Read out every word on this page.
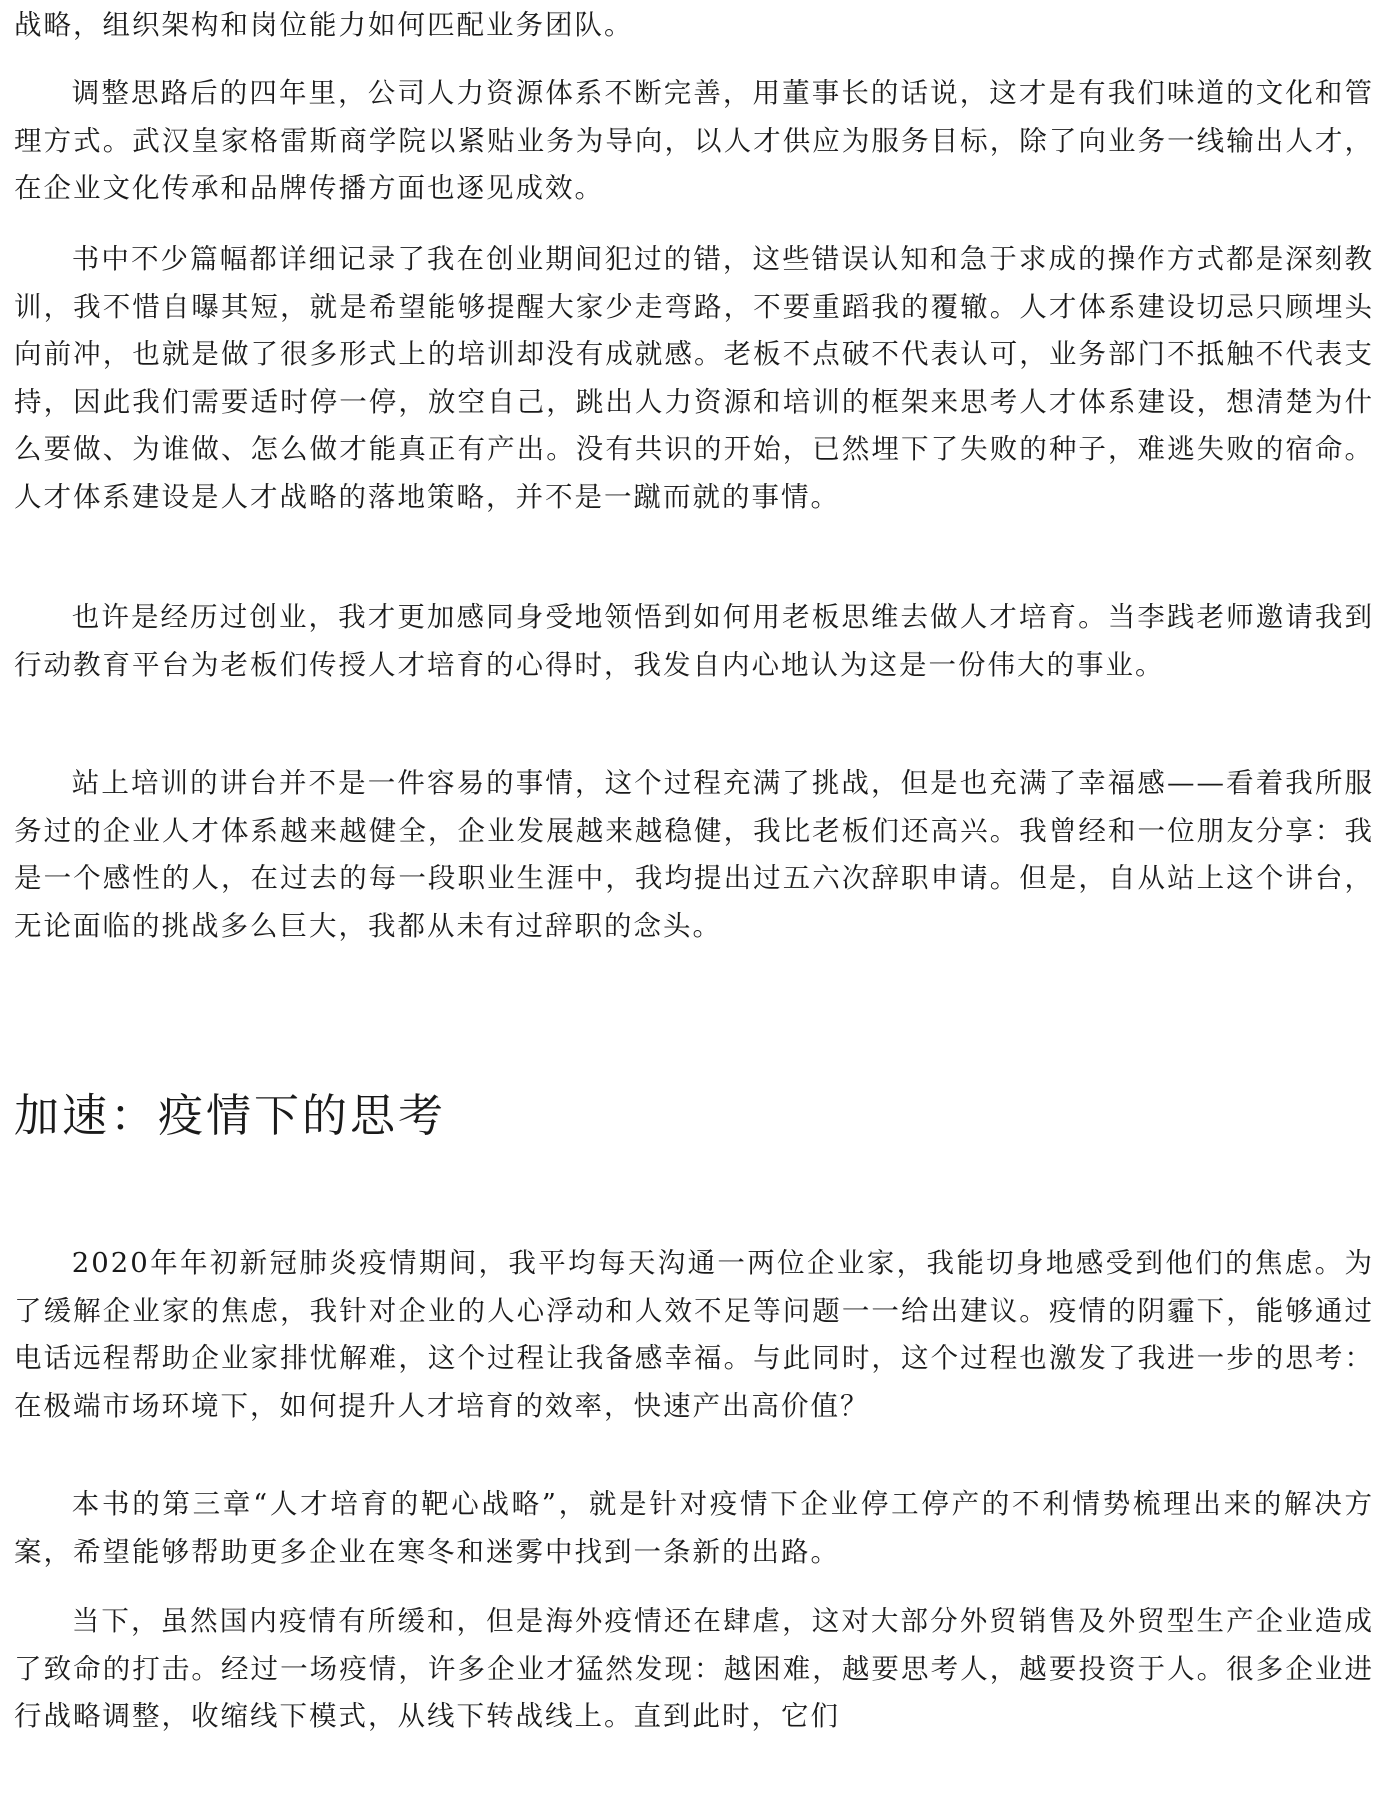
战略，组织架构和岗位能力如何匹配业务团队。

调整思路后的四年里，公司人力资源体系不断完善，用董事长的话说，这才是有我们味道的文化和管理方式。武汉皇家格雷斯商学院以紧贴业务为导向，以人才供应为服务目标，除了向业务一线输出人才，在企业文化传承和品牌传播方面也逐见成效。

书中不少篇幅都详细记录了我在创业期间犯过的错，这些错误认知和急于求成的操作方式都是深刻教训，我不惜自曝其短，就是希望能够提醒大家少走弯路，不要重蹈我的覆辙。人才体系建设切忌只顾埋头向前冲，也就是做了很多形式上的培训却没有成就感。老板不点破不代表认可，业务部门不抵触不代表支持，因此我们需要适时停一停，放空自己，跳出人力资源和培训的框架来思考人才体系建设，想清楚为什么要做、为谁做、怎么做才能真正有产出。没有共识的开始，已然埋下了失败的种子，难逃失败的宿命。人才体系建设是人才战略的落地策略，并不是一蹴而就的事情。

也许是经历过创业，我才更加感同身受地领悟到如何用老板思维去做人才培育。当李践老师邀请我到行动教育平台为老板们传授人才培育的心得时，我发自内心地认为这是一份伟大的事业。

站上培训的讲台并不是一件容易的事情，这个过程充满了挑战，但是也充满了幸福感——看着我所服务过的企业人才体系越来越健全，企业发展越来越稳健，我比老板们还高兴。我曾经和一位朋友分享：我是一个感性的人，在过去的每一段职业生涯中，我均提出过五六次辞职申请。但是，自从站上这个讲台，无论面临的挑战多么巨大，我都从未有过辞职的念头。

加速：疫情下的思考

2020年年初新冠肺炎疫情期间，我平均每天沟通一两位企业家，我能切身地感受到他们的焦虑。为了缓解企业家的焦虑，我针对企业的人心浮动和人效不足等问题一一给出建议。疫情的阴霾下，能够通过电话远程帮助企业家排忧解难，这个过程让我备感幸福。与此同时，这个过程也激发了我进一步的思考：在极端市场环境下，如何提升人才培育的效率，快速产出高价值？

本书的第三章“人才培育的靶心战略”，就是针对疫情下企业停工停产的不利情势梳理出来的解决方案，希望能够帮助更多企业在寒冬和迷雾中找到一条新的出路。

当下，虽然国内疫情有所缓和，但是海外疫情还在肆虐，这对大部分外贸销售及外贸型生产企业造成了致命的打击。经过一场疫情，许多企业才猛然发现：越困难，越要思考人，越要投资于人。很多企业进行战略调整，收缩线下模式，从线下转战线上。直到此时，它们
